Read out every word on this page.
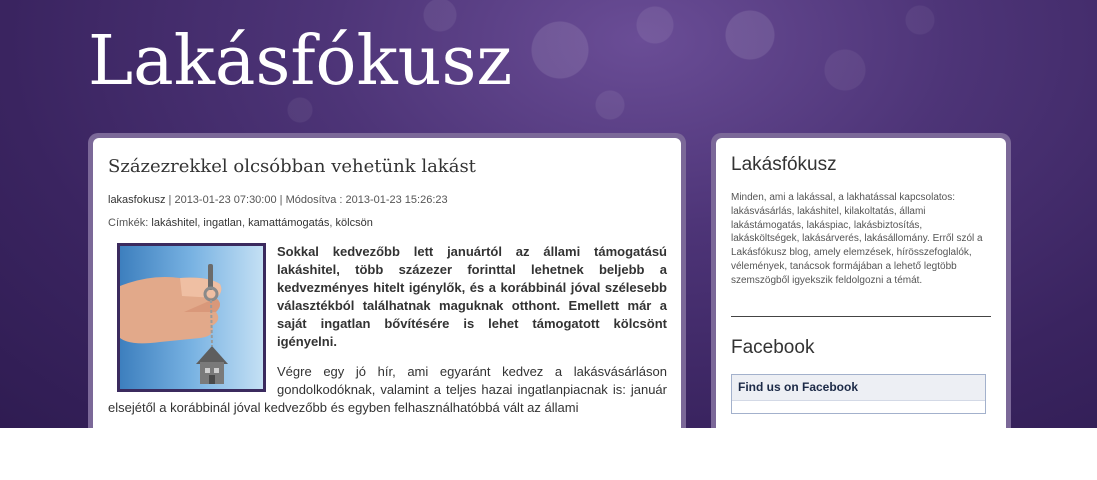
Lakásfókusz
Százezrekkel olcsóbban vehetünk lakást
lakasfokusz | 2013-01-23 07:30:00 | Módosítva : 2013-01-23 15:26:23
Címkék: lakáshitel, ingatlan, kamattámogatás, kölcsön

Sokkal kedvezőbb lett januártól az állami támogatású lakáshitel, több százezer forinttal lehetnek beljebb a kedvezményes hitelt igénylők, és a korábbinál jóval szélesebb választékból találhatnak maguknak otthont. Emellett már a saját ingatlan bővítésére is lehet támogatott kölcsönt igényelni.

Végre egy jó hír, ami egyaránt kedvez a lakásvásárláson gondolkodóknak, valamint a teljes hazai ingatlanpiacnak is: január elsejétől a korábbinál jóval kedvezőbb és egyben felhasználhatóbbá vált az állami

Lakásfókusz

Minden, ami a lakással, a lakhatással kapcsolatos: lakásvásárlás, lakáshitel, kilakoltatás, állami lakástámogatás, lakáspiac, lakásbiztosítás, lakásköltségek, lakásárverés, lakásállomány. Erről szól a Lakásfókusz blog, amely elemzések, hírösszefoglalók, vélemények, tanácsok formájában a lehető legtöbb szemszögből igyekszik feldolgozni a témát.

Facebook
Find us on Facebook
